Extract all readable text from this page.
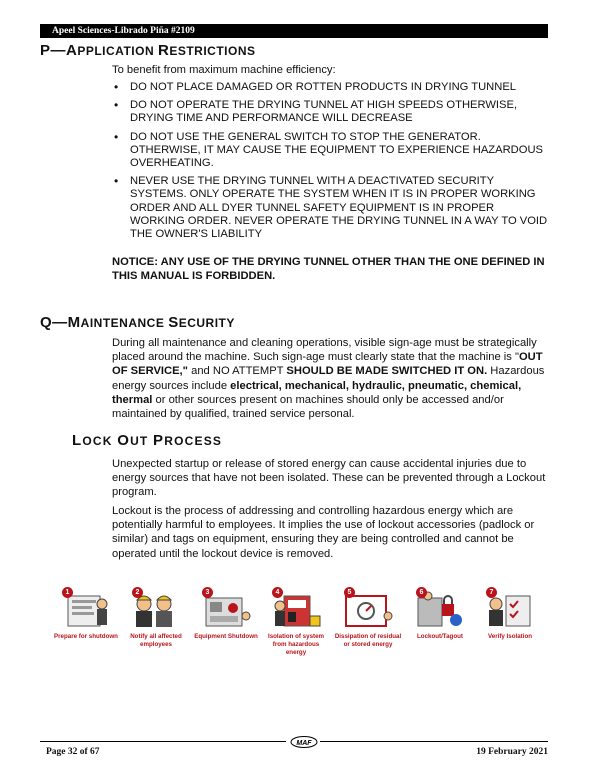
Apeel Sciences-Librado Piña #2109
P—APPLICATION RESTRICTIONS

To benefit from maximum machine efficiency:

• DO NOT PLACE DAMAGED OR ROTTEN PRODUCTS IN DRYING TUNNEL
• DO NOT OPERATE THE DRYING TUNNEL AT HIGH SPEEDS OTHERWISE, DRYING TIME AND PERFORMANCE WILL DECREASE
• DO NOT USE THE GENERAL SWITCH TO STOP THE GENERATOR. OTHERWISE, IT MAY CAUSE THE EQUIPMENT TO EXPERIENCE HAZARDOUS OVERHEATING.
• NEVER USE THE DRYING TUNNEL WITH A DEACTIVATED SECURITY SYSTEMS. ONLY OPERATE THE SYSTEM WHEN IT IS IN PROPER WORKING ORDER AND ALL DYER TUNNEL SAFETY EQUIPMENT IS IN PROPER WORKING ORDER. NEVER OPERATE THE DRYING TUNNEL IN A WAY TO VOID THE OWNER'S LIABILITY

NOTICE: ANY USE OF THE DRYING TUNNEL OTHER THAN THE ONE DEFINED IN THIS MANUAL IS FORBIDDEN.

Q—MAINTENANCE SECURITY

During all maintenance and cleaning operations, visible sign-age must be strategically placed around the machine. Such sign-age must clearly state that the machine is "OUT OF SERVICE," and NO ATTEMPT SHOULD BE MADE SWITCHED IT ON. Hazardous energy sources include electrical, mechanical, hydraulic, pneumatic, chemical, thermal or other sources present on machines should only be accessed and/or maintained by qualified, trained service personal.

LOCK OUT PROCESS

Unexpected startup or release of stored energy can cause accidental injuries due to energy sources that have not been isolated. These can be prevented through a Lockout program.

Lockout is the process of addressing and controlling hazardous energy which are potentially harmful to employees. It implies the use of lockout accessories (padlock or similar) and tags on equipment, ensuring they are being controlled and cannot be operated until the lockout device is removed.

1
Prepare for shutdown
2
Notify all affected employees
3
Equipment Shutdown
4
Isolation of system from hazardous energy
5
Dissipation of residual or stored energy
6
Lockout/Tagout
7
Verify Isolation
MAF
Page 32 of 67	19 February 2021
